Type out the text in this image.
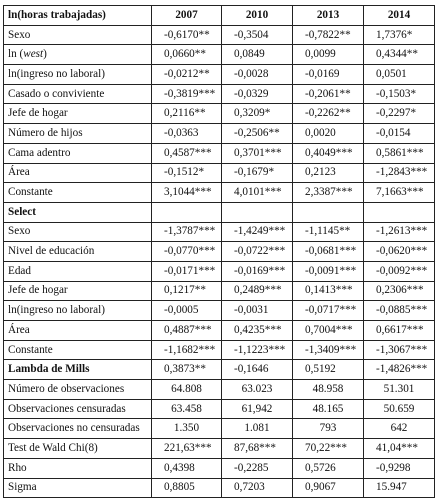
ln(horas trabajadas)	2007	2010	2013	2014
Sexo	-0,6170**	-0,3504	-0,7822**	1,7376*
ln (west)	0,0660**	0,0849	0,0099	0,4344**
ln(ingreso no laboral)	-0,0212**	-0,0028	-0,0169	0,0501
Casado o conviviente	-0,3819***	-0,0329	-0,2061**	-0,1503*
Jefe de hogar	0,2116**	0,3209*	-0,2262**	-0,2297*
Número de hijos	-0,0363	-0,2506**	0,0020	-0,0154
Cama adentro	0,4587***	0,3701***	0,4049***	0,5861***
Área	-0,1512*	-0,1679*	0,2123	-1,2843***
Constante	3,1044***	4,0101***	2,3387***	7,1663***
Select				
Sexo	-1,3787***	-1,4249***	-1,1145**	-1,2613***
Nivel de educación	-0,0770***	-0,0722***	-0,0681***	-0,0620***
Edad	-0,0171***	-0,0169***	-0,0091***	-0,0092***
Jefe de hogar	0,1217**	0,2489***	0,1413***	0,2306***
ln(ingreso no laboral)	-0,0005	-0,0031	-0,0717***	-0,0885***
Área	0,4887***	0,4235***	0,7004***	0,6617***
Constante	-1,1682***	-1,1223***	-1,3409***	-1,3067***
Lambda de Mills	0,3873**	-0,1646	0,5192	-1,4826***
Número de observaciones	64.808	63.023	48.958	51.301
Observaciones censuradas	63.458	61,942	48.165	50.659
Observaciones no censuradas	1.350	1.081	793	642
Test de Wald Chi(8)	221,63***	87,68***	70,22***	41,04***
Rho	0,4398	-0,2285	0,5726	-0,9298
Sigma	0,8805	0,7203	0,9067	15.947
